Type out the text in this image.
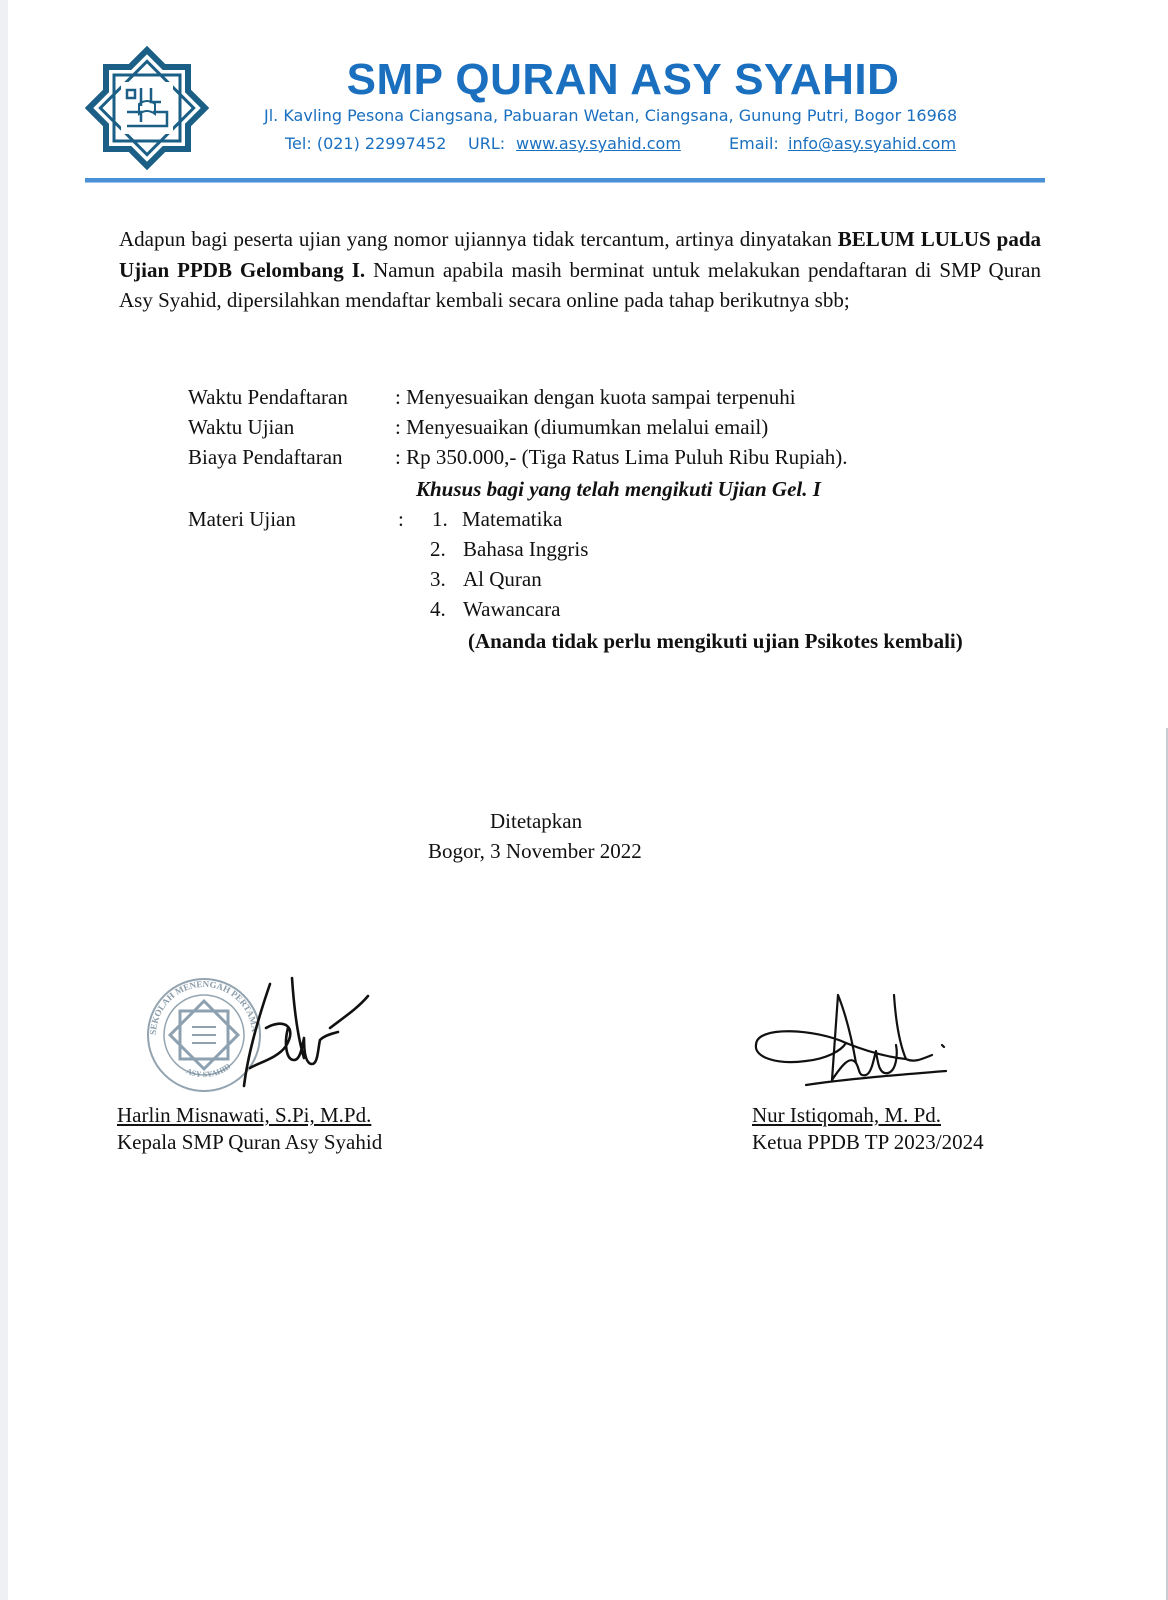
SMP QURAN ASY SYAHID
Jl. Kavling Pesona Ciangsana, Pabuaran Wetan, Ciangsana, Gunung Putri, Bogor 16968
Tel: (021) 22997452 URL: www.asy.syahid.com	Email: info@asy.syahid.com
Adapun bagi peserta ujian yang nomor ujiannya tidak tercantum, artinya dinyatakan BELUM LULUS pada Ujian PPDB Gelombang I. Namun apabila masih berminat untuk melakukan pendaftaran di SMP Quran Asy Syahid, dipersilahkan mendaftar kembali secara online pada tahap berikutnya sbb;
Waktu Pendaftaran : Menyesuaikan dengan kuota sampai terpenuhi
Waktu Ujian	: Menyesuaikan (diumumkan melalui email)
Biaya Pendaftaran : Rp 350.000,- (Tiga Ratus Lima Puluh Ribu Rupiah).
Khusus bagi yang telah mengikuti Ujian Gel. I
Materi Ujian	: 1. Matematika
2. Bahasa Inggris
3. Al Quran
4. Wawancara
(Ananda tidak perlu mengikuti ujian Psikotes kembali)
Ditetapkan
Bogor, 3 November 2022
SEKOLAH MENENGAH PERTAMA
ASY SYAHID
Harlin Misnawati, S.Pi, M.Pd.
Kepala SMP Quran Asy Syahid
Nur Istiqomah, M. Pd.
Ketua PPDB TP 2023/2024
